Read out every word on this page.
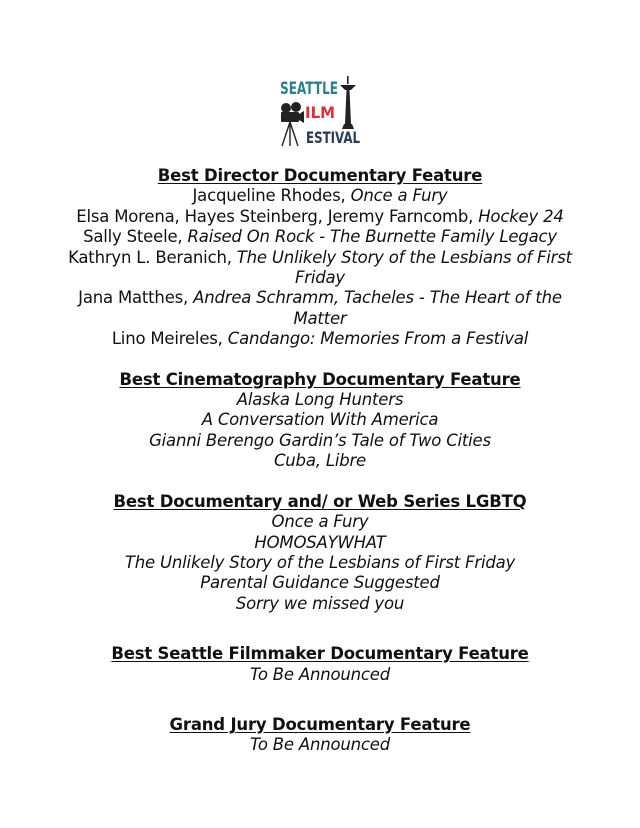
SEATTLE
ILM
ESTIVAL
Best Director Documentary Feature
Jacqueline Rhodes, Once a Fury
Elsa Morena, Hayes Steinberg, Jeremy Farncomb, Hockey 24
Sally Steele, Raised On Rock - The Burnette Family Legacy
Kathryn L. Beranich, The Unlikely Story of the Lesbians of First Friday
Jana Matthes, Andrea Schramm, Tacheles - The Heart of the Matter
Lino Meireles, Candango: Memories From a Festival
Best Cinematography Documentary Feature
Alaska Long Hunters
A Conversation With America
Gianni Berengo Gardin’s Tale of Two Cities
Cuba, Libre
Best Documentary and/ or Web Series LGBTQ
Once a Fury
HOMOSAYWHAT
The Unlikely Story of the Lesbians of First Friday
Parental Guidance Suggested
Sorry we missed you
Best Seattle Filmmaker Documentary Feature
To Be Announced
Grand Jury Documentary Feature
To Be Announced
